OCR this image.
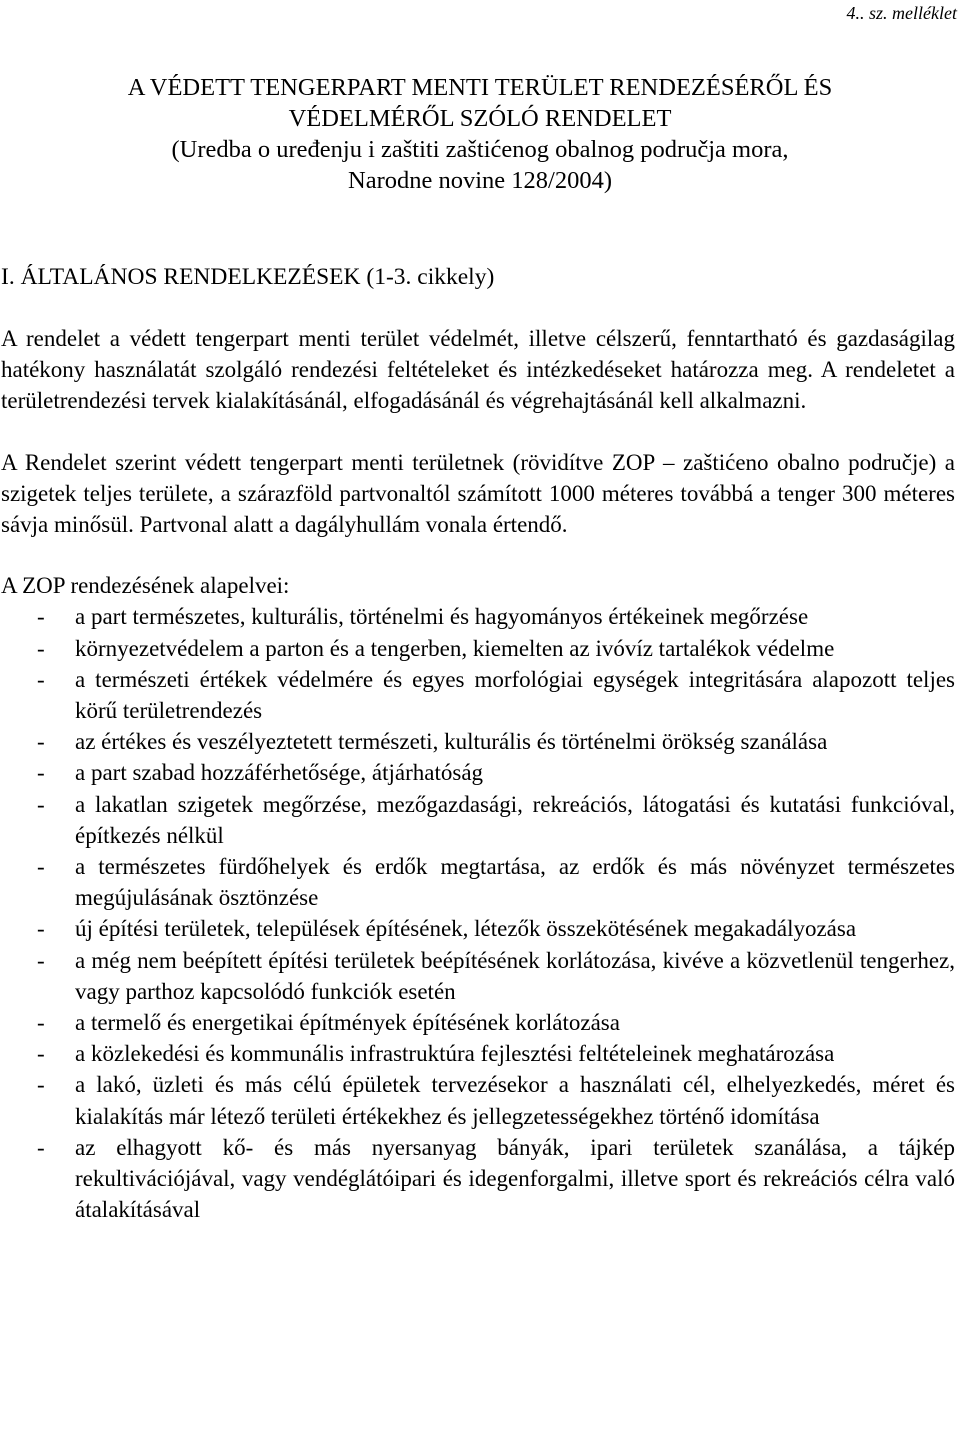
4.. sz. melléklet
A VÉDETT TENGERPART MENTI TERÜLET RENDEZÉSÉRŐL ÉS
VÉDELMÉRŐL SZÓLÓ RENDELET
(Uredba o uređenju i zaštiti zaštićenog obalnog područja mora,
Narodne novine 128/2004)
I. ÁLTALÁNOS RENDELKEZÉSEK (1-3. cikkely)

A rendelet a védett tengerpart menti terület védelmét, illetve célszerű, fenntartható és gazdaságilag hatékony használatát szolgáló rendezési feltételeket és intézkedéseket határozza meg. A rendeletet a területrendezési tervek kialakításánál, elfogadásánál és végrehajtásánál kell alkalmazni.

A Rendelet szerint védett tengerpart menti területnek (rövidítve ZOP – zaštićeno obalno područje) a szigetek teljes területe, a szárazföld partvonaltól számított 1000 méteres továbbá a tenger 300 méteres sávja minősül. Partvonal alatt a dagályhullám vonala értendő.

A ZOP rendezésének alapelvei:

-	a part természetes, kulturális, történelmi és hagyományos értékeinek megőrzése
-	környezetvédelem a parton és a tengerben, kiemelten az ivóvíz tartalékok védelme
-	a természeti értékek védelmére és egyes morfológiai egységek integritására alapozott teljes körű területrendezés
-	az értékes és veszélyeztetett természeti, kulturális és történelmi örökség szanálása
-	a part szabad hozzáférhetősége, átjárhatóság
-	a lakatlan szigetek megőrzése, mezőgazdasági, rekreációs, látogatási és kutatási funkcióval, építkezés nélkül
-	a természetes fürdőhelyek és erdők megtartása, az erdők és más növényzet természetes megújulásának ösztönzése
-	új építési területek, települések építésének, létezők összekötésének megakadályozása
-	a még nem beépített építési területek beépítésének korlátozása, kivéve a közvetlenül tengerhez, vagy parthoz kapcsolódó funkciók esetén
-	a termelő és energetikai építmények építésének korlátozása
-	a közlekedési és kommunális infrastruktúra fejlesztési feltételeinek meghatározása
-	a lakó, üzleti és más célú épületek tervezésekor a használati cél, elhelyezkedés, méret és kialakítás már létező területi értékekhez és jellegzetességekhez történő idomítása
-	az elhagyott kő- és más nyersanyag bányák, ipari területek szanálása, a tájkép rekultivációjával, vagy vendéglátóipari és idegenforgalmi, illetve sport és rekreációs célra való átalakításával
